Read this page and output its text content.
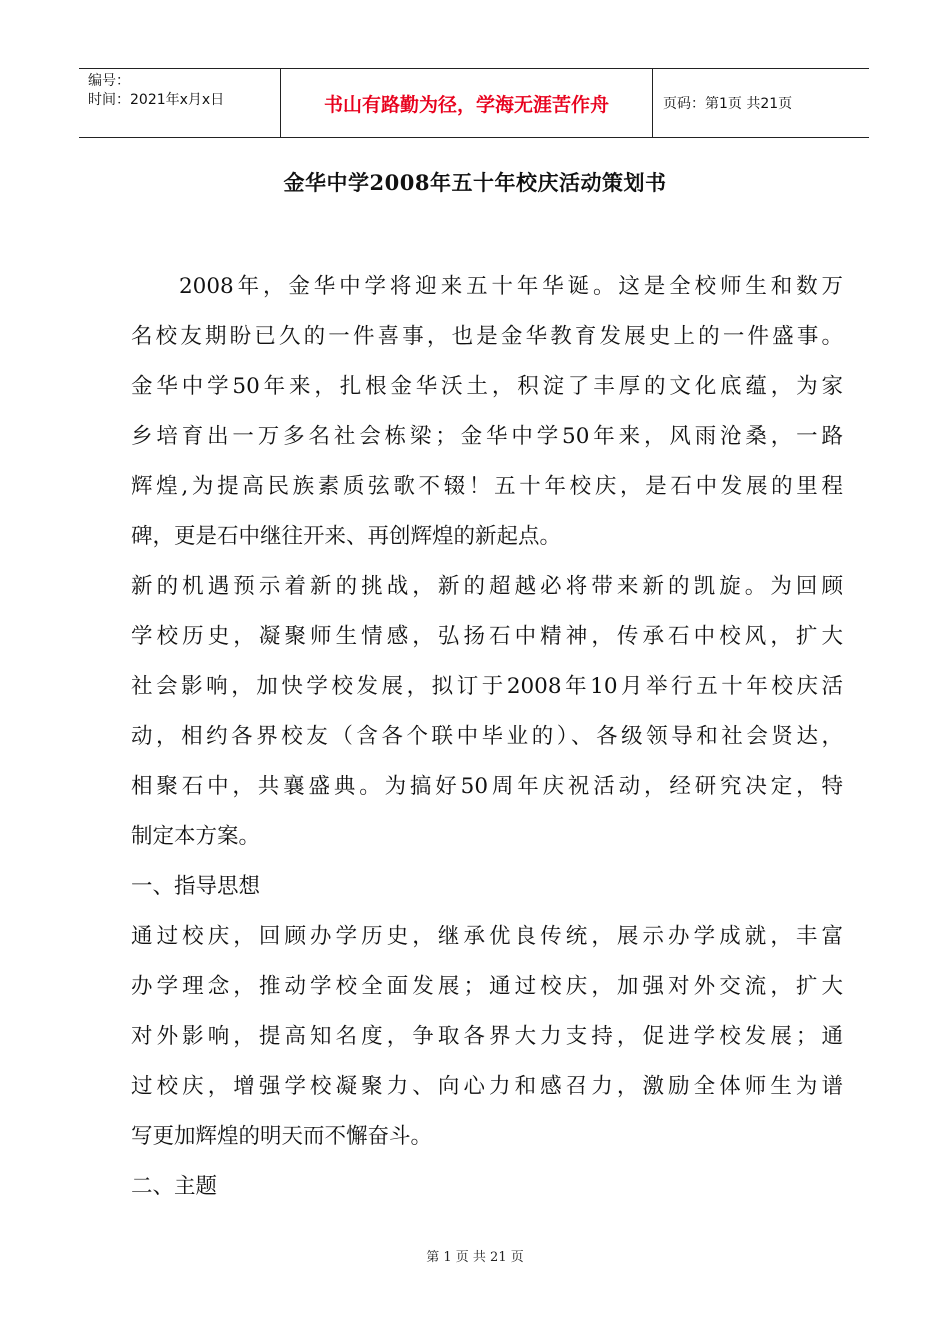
编号：
时间：2021年x月x日	书山有路勤为径，学海无涯苦作舟	页码：第1页 共21页
金华中学2008年五十年校庆活动策划书
2008年，金华中学将迎来五十年华诞。这是全校师生和数万
名校友期盼已久的一件喜事，也是金华教育发展史上的一件盛事。
金华中学50年来，扎根金华沃土，积淀了丰厚的文化底蕴，为家
乡培育出一万多名社会栋梁；金华中学50年来，风雨沧桑，一路
辉煌,为提高民族素质弦歌不辍！五十年校庆，是石中发展的里程
碑，更是石中继往开来、再创辉煌的新起点。
新的机遇预示着新的挑战，新的超越必将带来新的凯旋。为回顾
学校历史，凝聚师生情感，弘扬石中精神，传承石中校风，扩大
社会影响，加快学校发展，拟订于2008年10月举行五十年校庆活
动，相约各界校友（含各个联中毕业的）、各级领导和社会贤达，
相聚石中，共襄盛典。为搞好50周年庆祝活动，经研究决定，特
制定本方案。
一、指导思想
通过校庆，回顾办学历史，继承优良传统，展示办学成就，丰富
办学理念，推动学校全面发展；通过校庆，加强对外交流，扩大
对外影响，提高知名度，争取各界大力支持，促进学校发展；通
过校庆，增强学校凝聚力、向心力和感召力，激励全体师生为谱
写更加辉煌的明天而不懈奋斗。
二、主题
第 1 页 共 21 页
